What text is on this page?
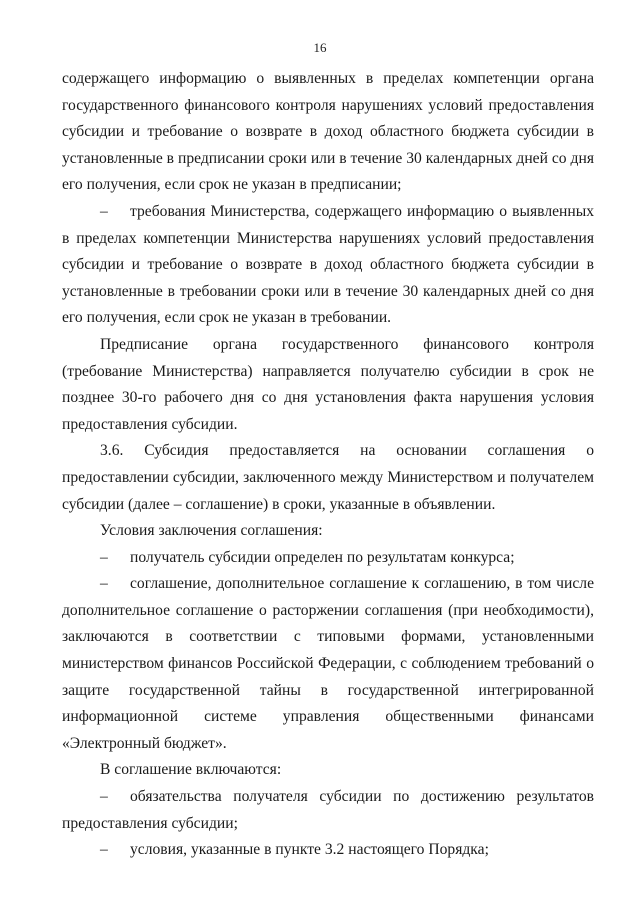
16

содержащего информацию о выявленных в пределах компетенции органа государственного финансового контроля нарушениях условий предоставления субсидии и требование о возврате в доход областного бюджета субсидии в установленные в предписании сроки или в течение 30 календарных дней со дня его получения, если срок не указан в предписании;

– требования Министерства, содержащего информацию о выявленных в пределах компетенции Министерства нарушениях условий предоставления субсидии и требование о возврате в доход областного бюджета субсидии в установленные в требовании сроки или в течение 30 календарных дней со дня его получения, если срок не указан в требовании.

Предписание органа государственного финансового контроля (требование Министерства) направляется получателю субсидии в срок не позднее 30-го рабочего дня со дня установления факта нарушения условия предоставления субсидии.

3.6. Субсидия предоставляется на основании соглашения о предоставлении субсидии, заключенного между Министерством и получателем субсидии (далее – соглашение) в сроки, указанные в объявлении.

Условия заключения соглашения:

– получатель субсидии определен по результатам конкурса;

– соглашение, дополнительное соглашение к соглашению, в том числе дополнительное соглашение о расторжении соглашения (при необходимости), заключаются в соответствии с типовыми формами, установленными министерством финансов Российской Федерации, с соблюдением требований о защите государственной тайны в государственной интегрированной информационной системе управления общественными финансами «Электронный бюджет».

В соглашение включаются:

– обязательства получателя субсидии по достижению результатов предоставления субсидии;

– условия, указанные в пункте 3.2 настоящего Порядка;
